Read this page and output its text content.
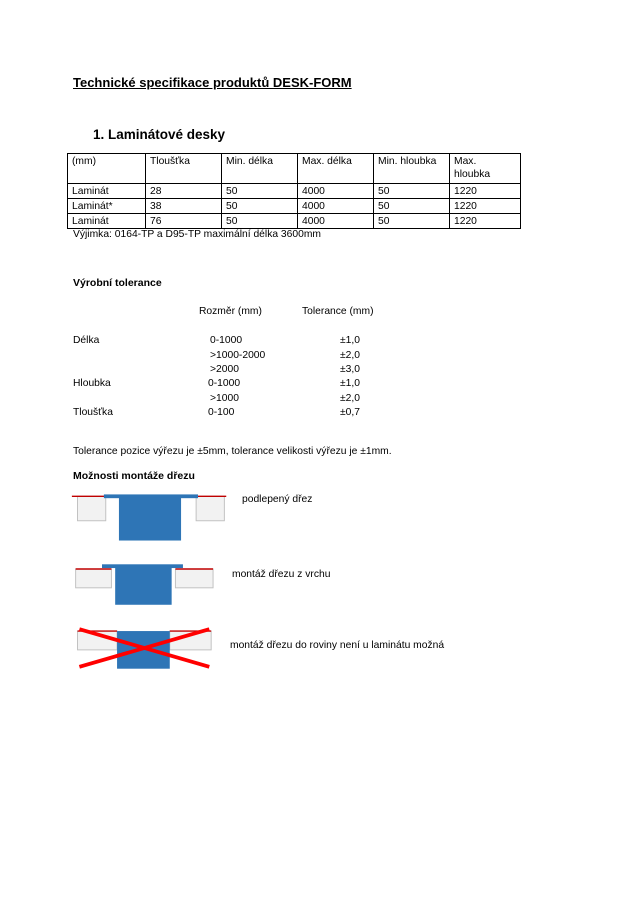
Technické specifikace produktů DESK-FORM
1. Laminátové desky
(mm)	Tloušťka	Min. délka	Max. délka	Min. hloubka	Max.
hloubka
Laminát	28	50	4000	50	1220
Laminát*	38	50	4000	50	1220
Laminát	76	50	4000	50	1220
Výjimka: 0164-TP a D95-TP maximální délka 3600mm
Výrobní tolerance
Rozměr (mm)	Tolerance (mm)
Délka	0-1000	±1,0
>1000-2000	±2,0
>2000	±3,0
Hloubka	0-1000	±1,0
>1000	±2,0
Tloušťka	0-100	±0,7
Tolerance pozice výřezu je ±5mm, tolerance velikosti výřezu je ±1mm.
Možnosti montáže dřezu
podlepený dřez
montáž dřezu z vrchu
montáž dřezu do roviny není u laminátu možná
